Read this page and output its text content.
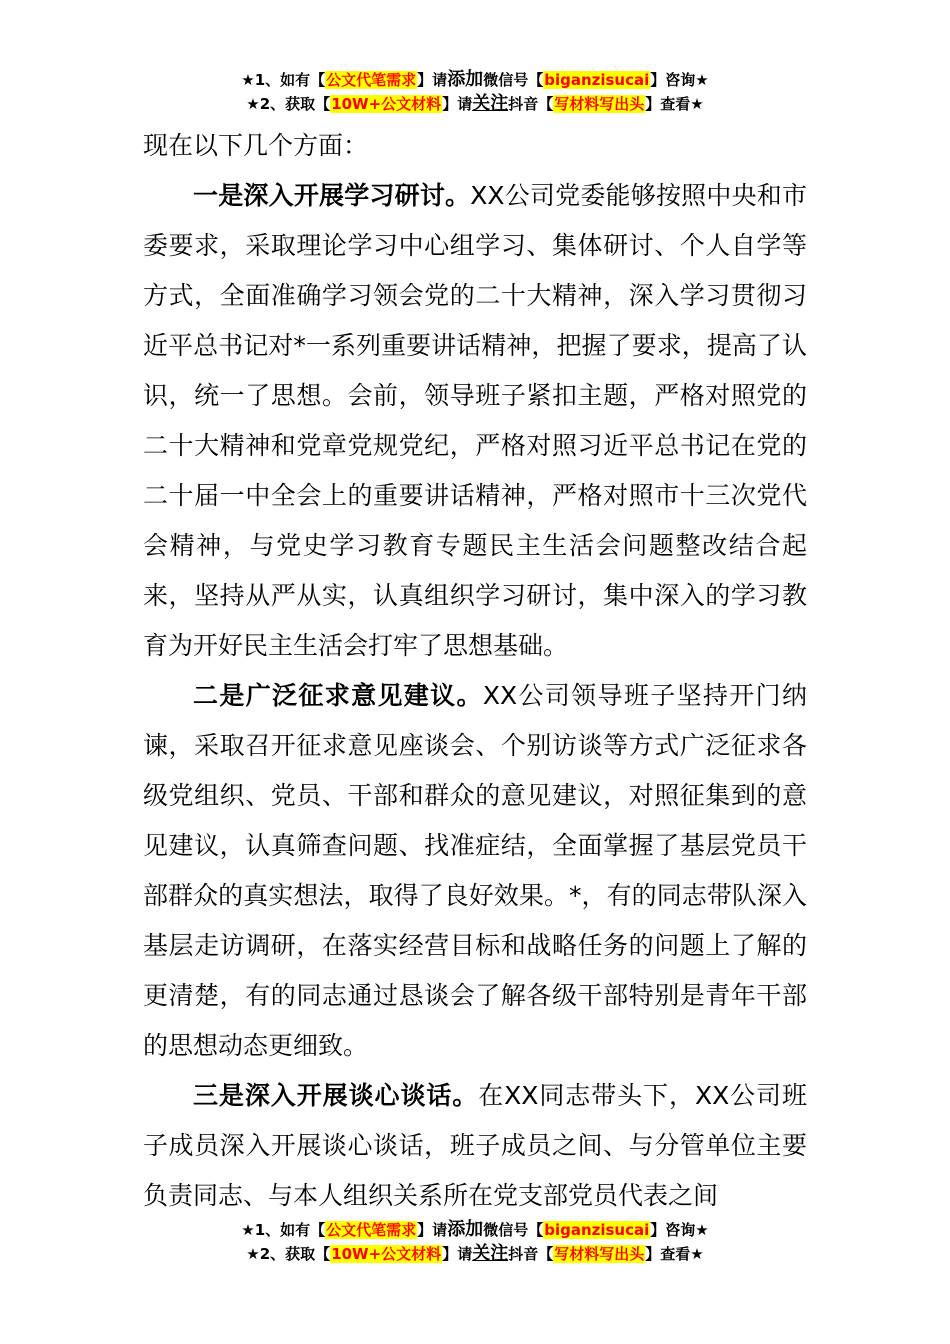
★1、如有【公文代笔需求】请添加微信号【biganzisucai】咨询★
★2、获取【10W+公文材料】请关注抖音【写材料写出头】查看★

现在以下几个方面：

一是深入开展学习研讨。XX公司党委能够按照中央和市委要求，采取理论学习中心组学习、集体研讨、个人自学等方式，全面准确学习领会党的二十大精神，深入学习贯彻习近平总书记对*一系列重要讲话精神，把握了要求，提高了认识，统一了思想。会前，领导班子紧扣主题，严格对照党的二十大精神和党章党规党纪，严格对照习近平总书记在党的二十届一中全会上的重要讲话精神，严格对照市十三次党代会精神，与党史学习教育专题民主生活会问题整改结合起来，坚持从严从实，认真组织学习研讨，集中深入的学习教育为开好民主生活会打牢了思想基础。

二是广泛征求意见建议。XX公司领导班子坚持开门纳谏，采取召开征求意见座谈会、个别访谈等方式广泛征求各级党组织、党员、干部和群众的意见建议，对照征集到的意见建议，认真筛查问题、找准症结，全面掌握了基层党员干部群众的真实想法，取得了良好效果。*，有的同志带队深入基层走访调研，在落实经营目标和战略任务的问题上了解的更清楚，有的同志通过恳谈会了解各级干部特别是青年干部的思想动态更细致。

三是深入开展谈心谈话。在XX同志带头下，XX公司班子成员深入开展谈心谈话，班子成员之间、与分管单位主要负责同志、与本人组织关系所在党支部党员代表之间

★1、如有【公文代笔需求】请添加微信号【biganzisucai】咨询★
★2、获取【10W+公文材料】请关注抖音【写材料写出头】查看★
